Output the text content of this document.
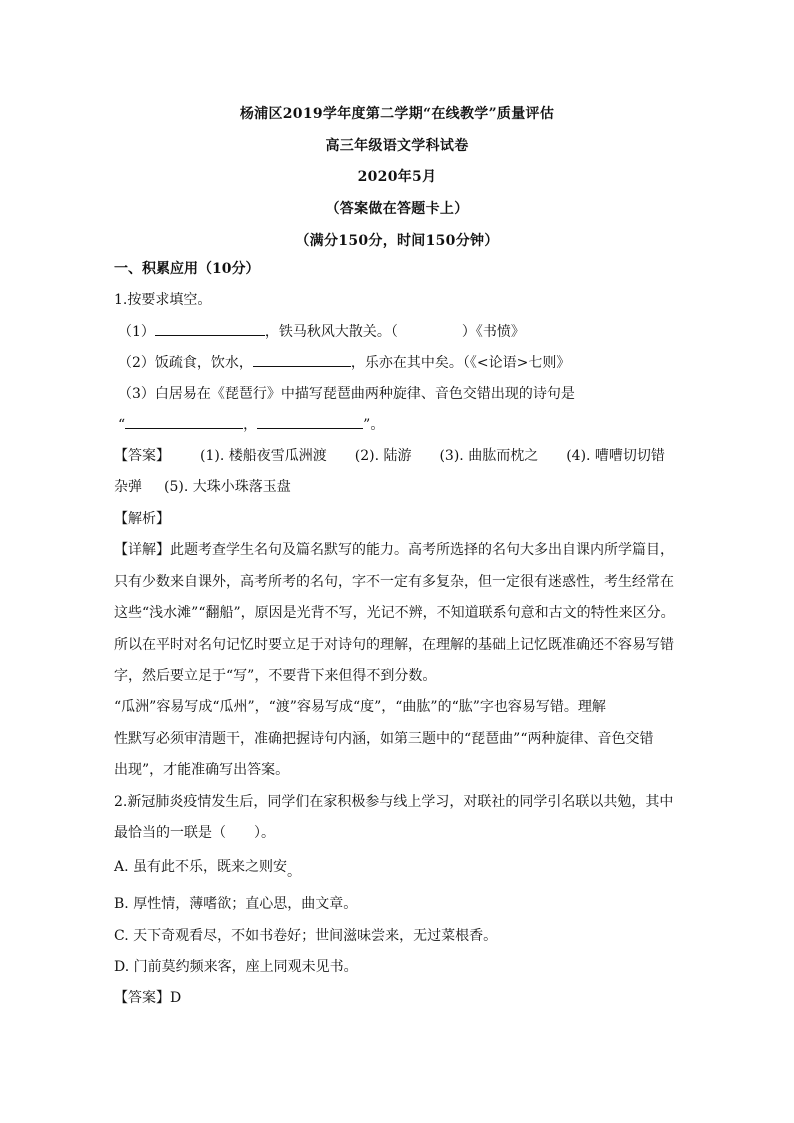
杨浦区2019学年度第二学期“在线教学”质量评估
高三年级语文学科试卷
2020年5月
（答案做在答题卡上）
（满分150分，时间150分钟）
一、积累应用（10分）
1.按要求填空。
（1）	，铁马秋风大散关。（	）《书愤》
（2）饭疏食，饮水，	，乐亦在其中矣。（《<论语>七则》
（3）白居易在《琵琶行》中描写琵琶曲两种旋律、音色交错出现的诗句是
“	，	”。
【答案】 (1). 楼船夜雪瓜洲渡 (2). 陆游 (3). 曲肱而枕之 (4). 嘈嘈切切错
杂弹 (5). 大珠小珠落玉盘
【解析】
【详解】此题考查学生名句及篇名默写的能力。高考所选择的名句大多出自课内所学篇目，
只有少数来自课外，高考所考的名句，字不一定有多复杂，但一定很有迷惑性，考生经常在
这些“浅水滩”“翻船”，原因是光背不写，光记不辨，不知道联系句意和古文的特性来区分。
所以在平时对名句记忆时要立足于对诗句的理解，在理解的基础上记忆既准确还不容易写错
字，然后要立足于“写”，不要背下来但得不到分数。
“瓜洲”容易写成“瓜州”，“渡”容易写成“度”，“曲肱”的“肱”字也容易写错。理解
性默写必须审清题干，准确把握诗句内涵，如第三题中的“琵琶曲”“两种旋律、音色交错
出现”，才能准确写出答案。
2.新冠肺炎疫情发生后，同学们在家积极参与线上学习，对联社的同学引名联以共勉，其中
最恰当的一联是（　　）。
A. 虽有此不乐，既来之则安。
B. 厚性情，薄嗜欲；直心思，曲文章。
C. 天下奇观看尽，不如书卷好；世间滋味尝来，无过菜根香。
D. 门前莫约频来客，座上同观未见书。
【答案】D
